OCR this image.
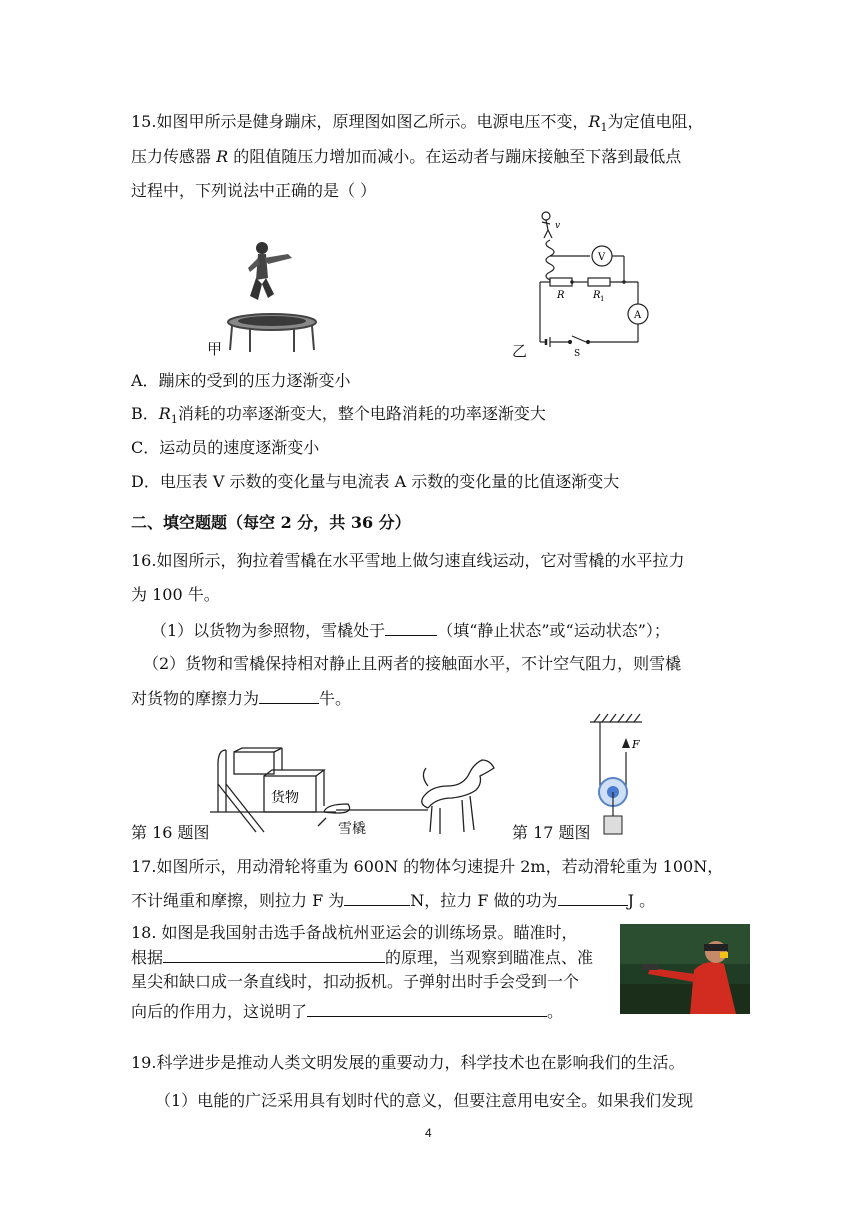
15.如图甲所示是健身蹦床，原理图如图乙所示。电源电压不变，$R_1$为定值电阻，
压力传感器 R 的阻值随压力增加而减小。在运动者与蹦床接触至下落到最低点
过程中，下列说法中正确的是（ ）
甲
v
V
A
R	R 1
S
乙
A．蹦床的受到的压力逐渐变小
B．$R_1$消耗的功率逐渐变大，整个电路消耗的功率逐渐变大
C．运动员的速度逐渐变小
D．电压表 V 示数的变化量与电流表 A 示数的变化量的比值逐渐变大
二、填空题题（每空 2 分，共 36 分）
16.如图所示，狗拉着雪橇在水平雪地上做匀速直线运动，它对雪橇的水平拉力
为 100 牛。
（1）以货物为参照物，雪橇处于	（填“静止状态”或“运动状态”）；
（2）货物和雪橇保持相对静止且两者的接触面水平，不计空气阻力，则雪橇
对货物的摩擦力为	牛。
货物
第 16 题图	雪橇
F
第 17 题图
17.如图所示，用动滑轮将重为 600N 的物体匀速提升 2m，若动滑轮重为 100N，
不计绳重和摩擦，则拉力 F 为	N，拉力 F 做的功为	J 。
18. 如图是我国射击选手备战杭州亚运会的训练场景。瞄准时，
根据	的原理，当观察到瞄准点、准
星尖和缺口成一条直线时，扣动扳机。子弹射出时手会受到一个
向后的作用力，这说明了	。
19.科学进步是推动人类文明发展的重要动力，科学技术也在影响我们的生活。
（1）电能的广泛采用具有划时代的意义，但要注意用电安全。如果我们发现
4
